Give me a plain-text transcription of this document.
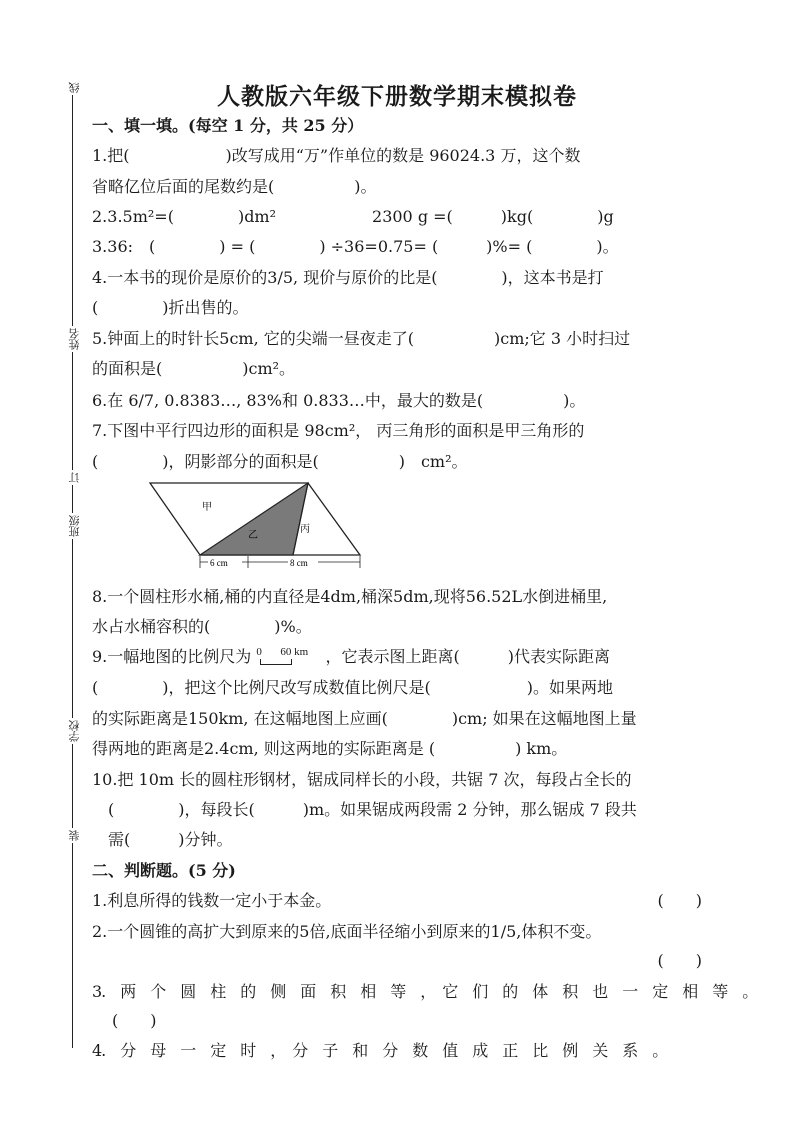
线
姓名
订
班级
学校
装
人教版六年级下册数学期末模拟卷
一、填一填。(每空 1 分，共 25 分）
1.把(　　　　　　)改写成用“万”作单位的数是 96024.3 万，这个数
省略亿位后面的尾数约是(　　　　　)。
2.3.5m²=(　　　　)dm²　　　　　　2300 g =(　　　)kg(　　　　)g
3.36:　(　　　　) = (　　　　) ÷36=0.75= (　　　)%= (　　　　)。
4.一本书的现价是原价的3/5, 现价与原价的比是(　　　　)，这本书是打
(　　　　)折出售的。
5.钟面上的时针长5cm, 它的尖端一昼夜走了(　　　　　)cm;它 3 小时扫过
的面积是(　　　　　)cm²。
6.在 6/7, 0.8383…, 83%和 0.833…中，最大的数是(　　　　　)。
7.下图中平行四边形的面积是 98cm²， 丙三角形的面积是甲三角形的
(　　　　)，阴影部分的面积是(　　　　　)　cm²。
甲
乙
丙
6 cm	8 cm
8.一个圆柱形水桶,桶的内直径是4dm,桶深5dm,现将56.52L水倒进桶里,
水占水桶容积的(　　　　)%。
9.一幅地图的比例尺为 0 60 km ，它表示图上距离(　　　)代表实际距离
(　　　　)，把这个比例尺改写成数值比例尺是(　　　　　　)。如果两地
的实际距离是150km, 在这幅地图上应画(　　　　)cm; 如果在这幅地图上量
得两地的距离是2.4cm, 则这两地的实际距离是 (　　　　　) km。
10.把 10m 长的圆柱形钢材，锯成同样长的小段，共锯 7 次，每段占全长的
　(　　　　)，每段长(　　　)m。如果锯成两段需 2 分钟，那么锯成 7 段共
　需(　　　)分钟。
二、判断题。(5 分)
1.利息所得的钱数一定小于本金。	(　　)
2.一个圆锥的高扩大到原来的5倍,底面半径缩小到原来的1/5,体积不变。
(　　)
3.　两　个　圆　柱　的　侧　面　积　相　等　，　它　们　的　体　积　也　一　定　相　等　。
(　　)
4.　分　母　一　定　时　，　分　子　和　分　数　值　成　正　比　例　关　系　。
